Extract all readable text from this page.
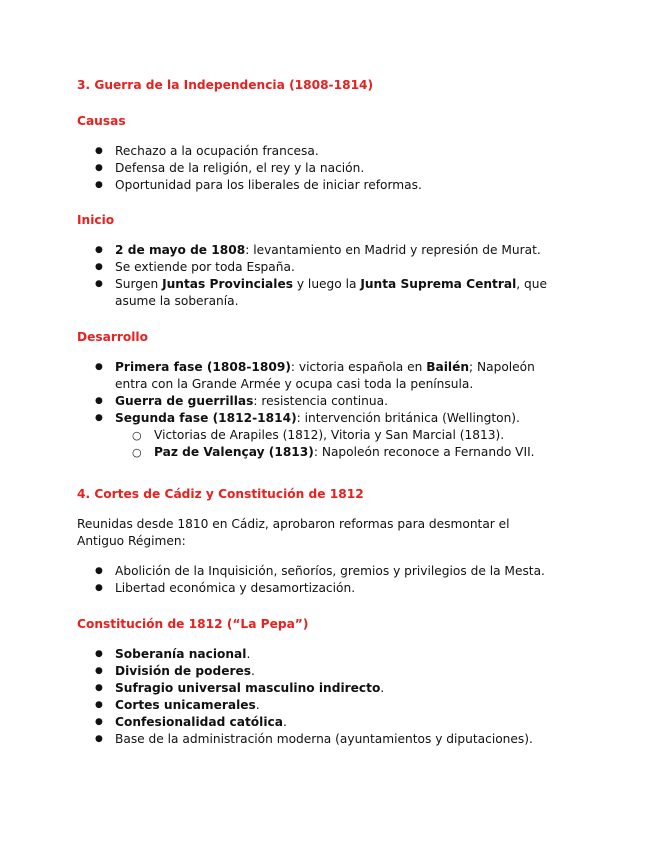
3. Guerra de la Independencia (1808-1814)
Causas
● Rechazo a la ocupación francesa.
● Defensa de la religión, el rey y la nación.
● Oportunidad para los liberales de iniciar reformas.
Inicio
● 2 de mayo de 1808: levantamiento en Madrid y represión de Murat.
● Se extiende por toda España.
● Surgen Juntas Provinciales y luego la Junta Suprema Central, que asume la soberanía.
Desarrollo
● Primera fase (1808-1809): victoria española en Bailén; Napoleón entra con la Grande Armée y ocupa casi toda la península.
● Guerra de guerrillas: resistencia continua.
● Segunda fase (1812-1814): intervención británica (Wellington).
○ Victorias de Arapiles (1812), Vitoria y San Marcial (1813).
○ Paz de Valençay (1813): Napoleón reconoce a Fernando VII.
4. Cortes de Cádiz y Constitución de 1812

Reunidas desde 1810 en Cádiz, aprobaron reformas para desmontar el Antiguo Régimen:

● Abolición de la Inquisición, señoríos, gremios y privilegios de la Mesta.
● Libertad económica y desamortización.
Constitución de 1812 (“La Pepa”)
● Soberanía nacional.
● División de poderes.
● Sufragio universal masculino indirecto.
● Cortes unicamerales.
● Confesionalidad católica.
● Base de la administración moderna (ayuntamientos y diputaciones).
